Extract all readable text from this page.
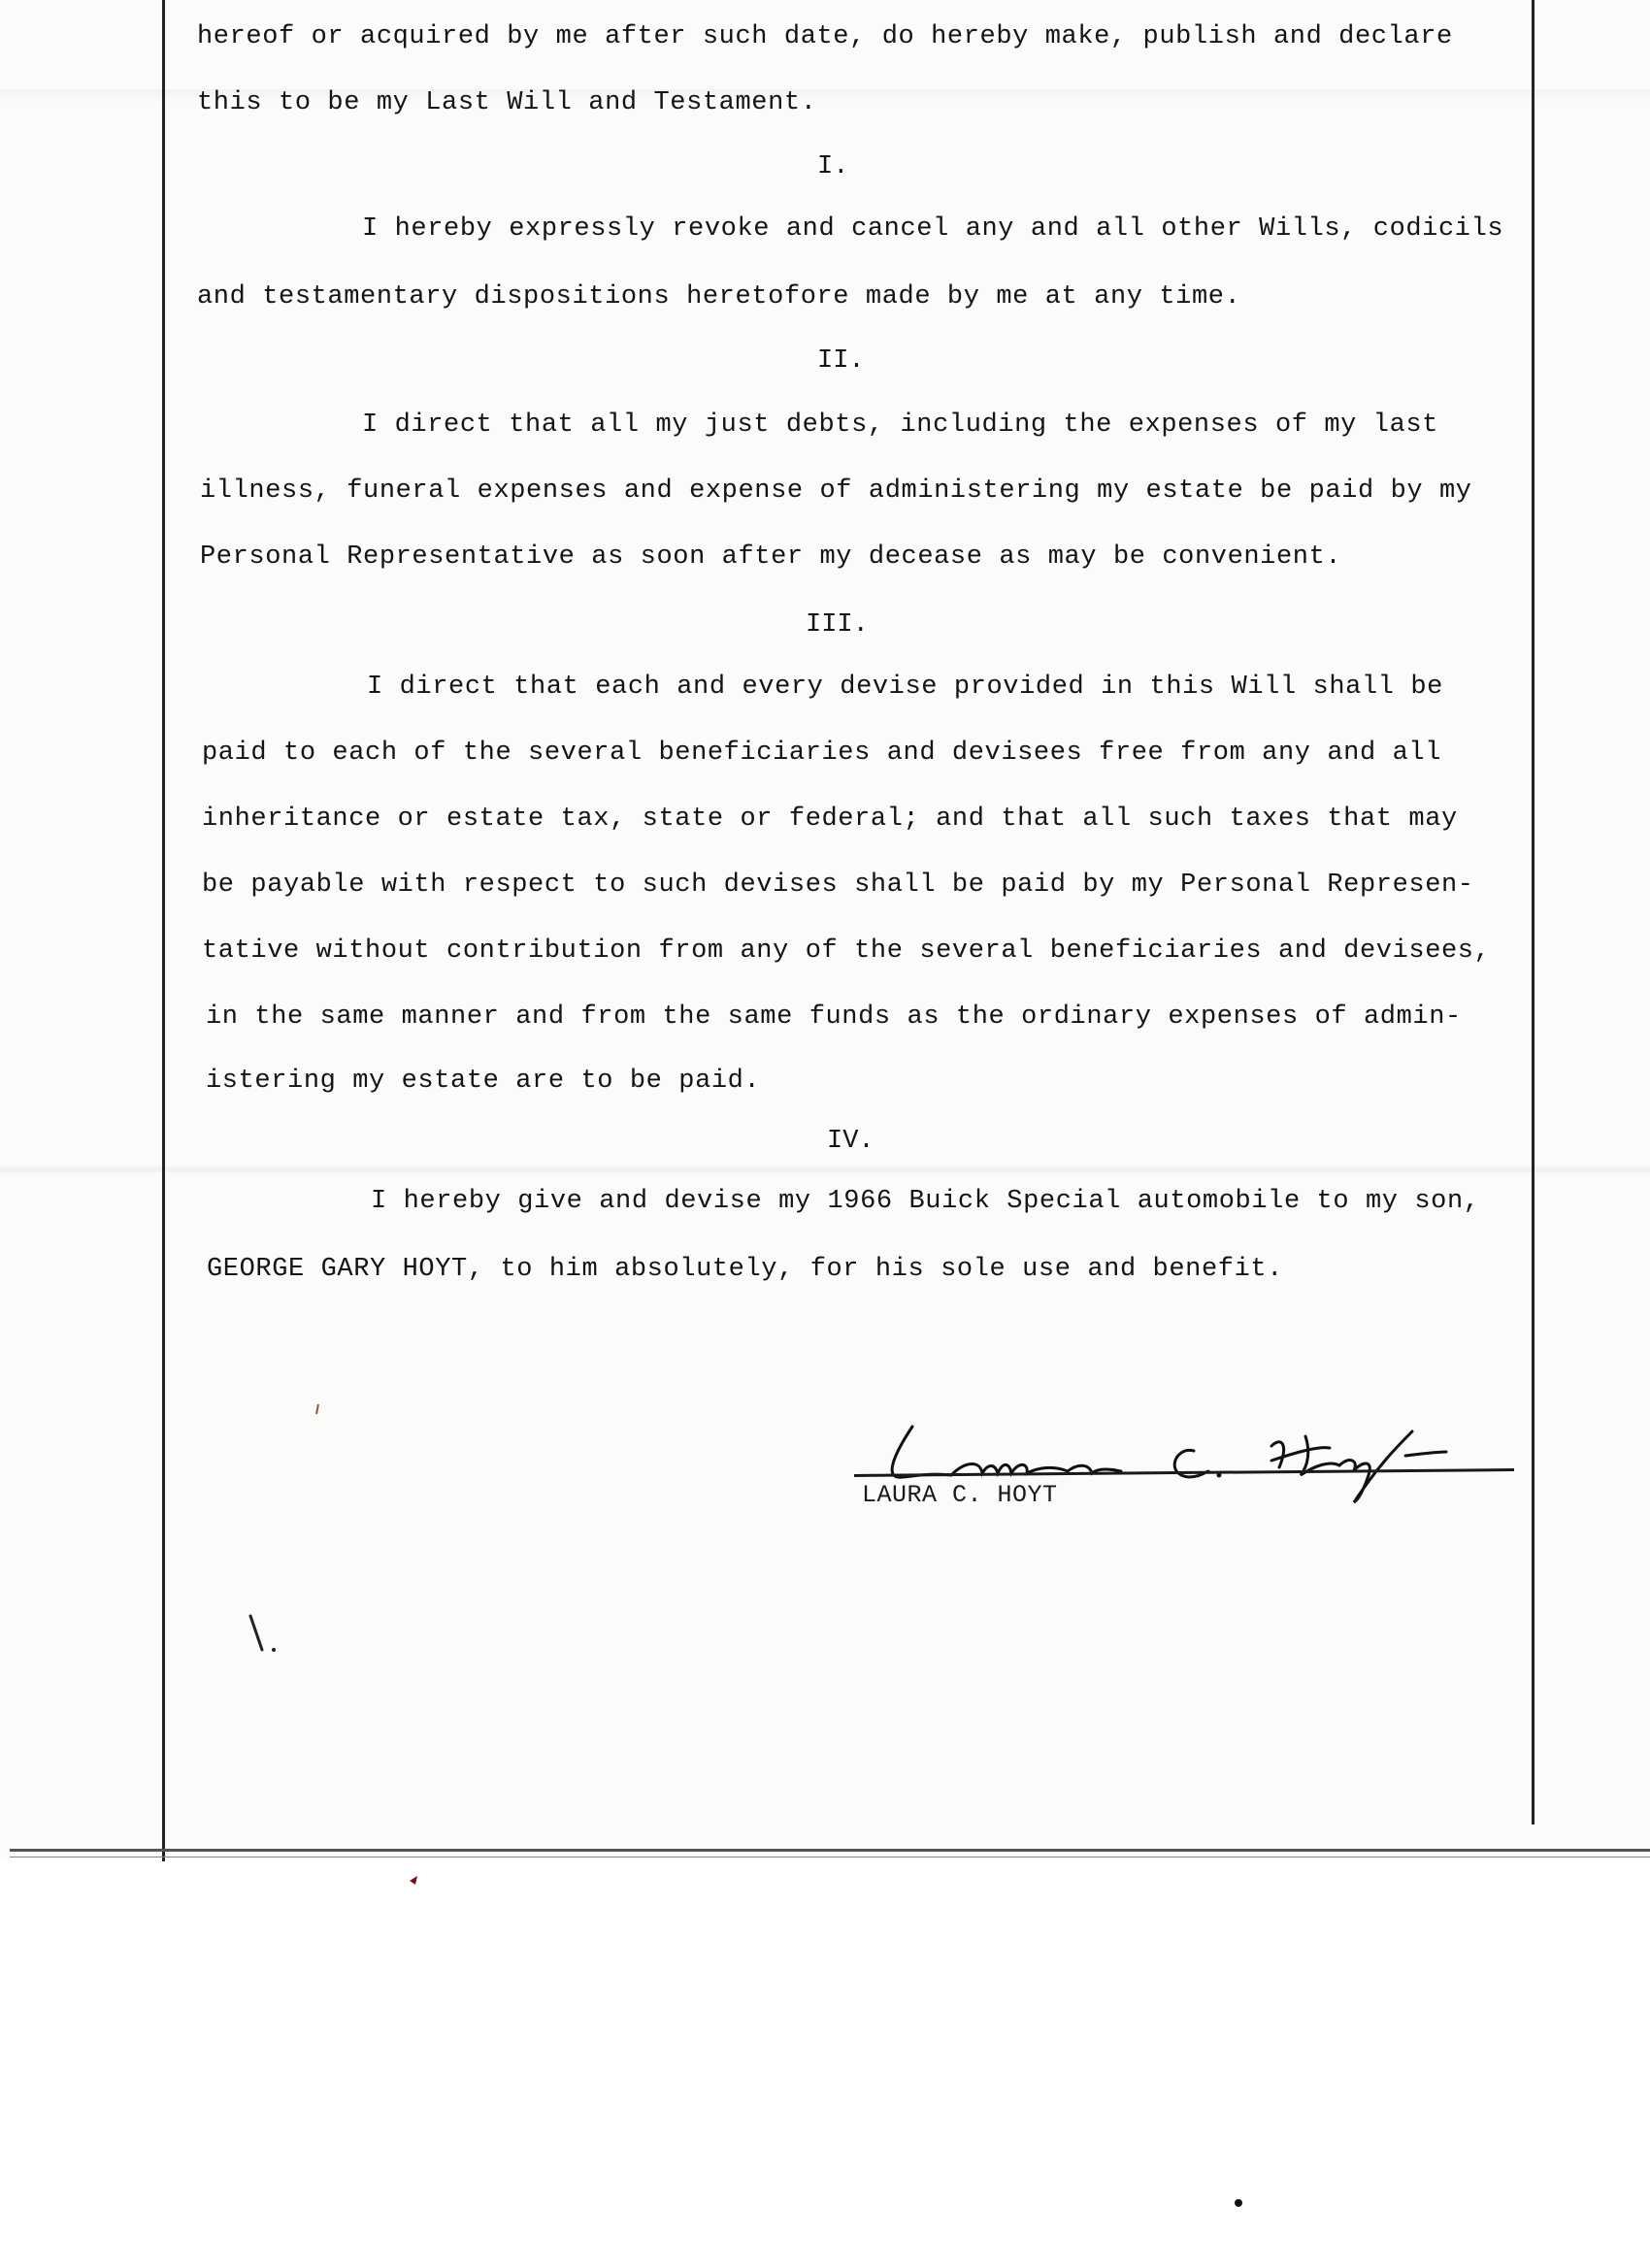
hereof or acquired by me after such date, do hereby make, publish and declare
this to be my Last Will and Testament.
I.
I hereby expressly revoke and cancel any and all other Wills, codicils
and testamentary dispositions heretofore made by me at any time.
II.
I direct that all my just debts, including the expenses of my last
illness, funeral expenses and expense of administering my estate be paid by my
Personal Representative as soon after my decease as may be convenient.
III.
I direct that each and every devise provided in this Will shall be
paid to each of the several beneficiaries and devisees free from any and all
inheritance or estate tax, state or federal; and that all such taxes that may
be payable with respect to such devises shall be paid by my Personal Represen-
tative without contribution from any of the several beneficiaries and devisees,
in the same manner and from the same funds as the ordinary expenses of admin-
istering my estate are to be paid.
IV.
I hereby give and devise my 1966 Buick Special automobile to my son,
GEORGE GARY HOYT, to him absolutely, for his sole use and benefit.
Laura C. Hoyt
LAURA C. HOYT
